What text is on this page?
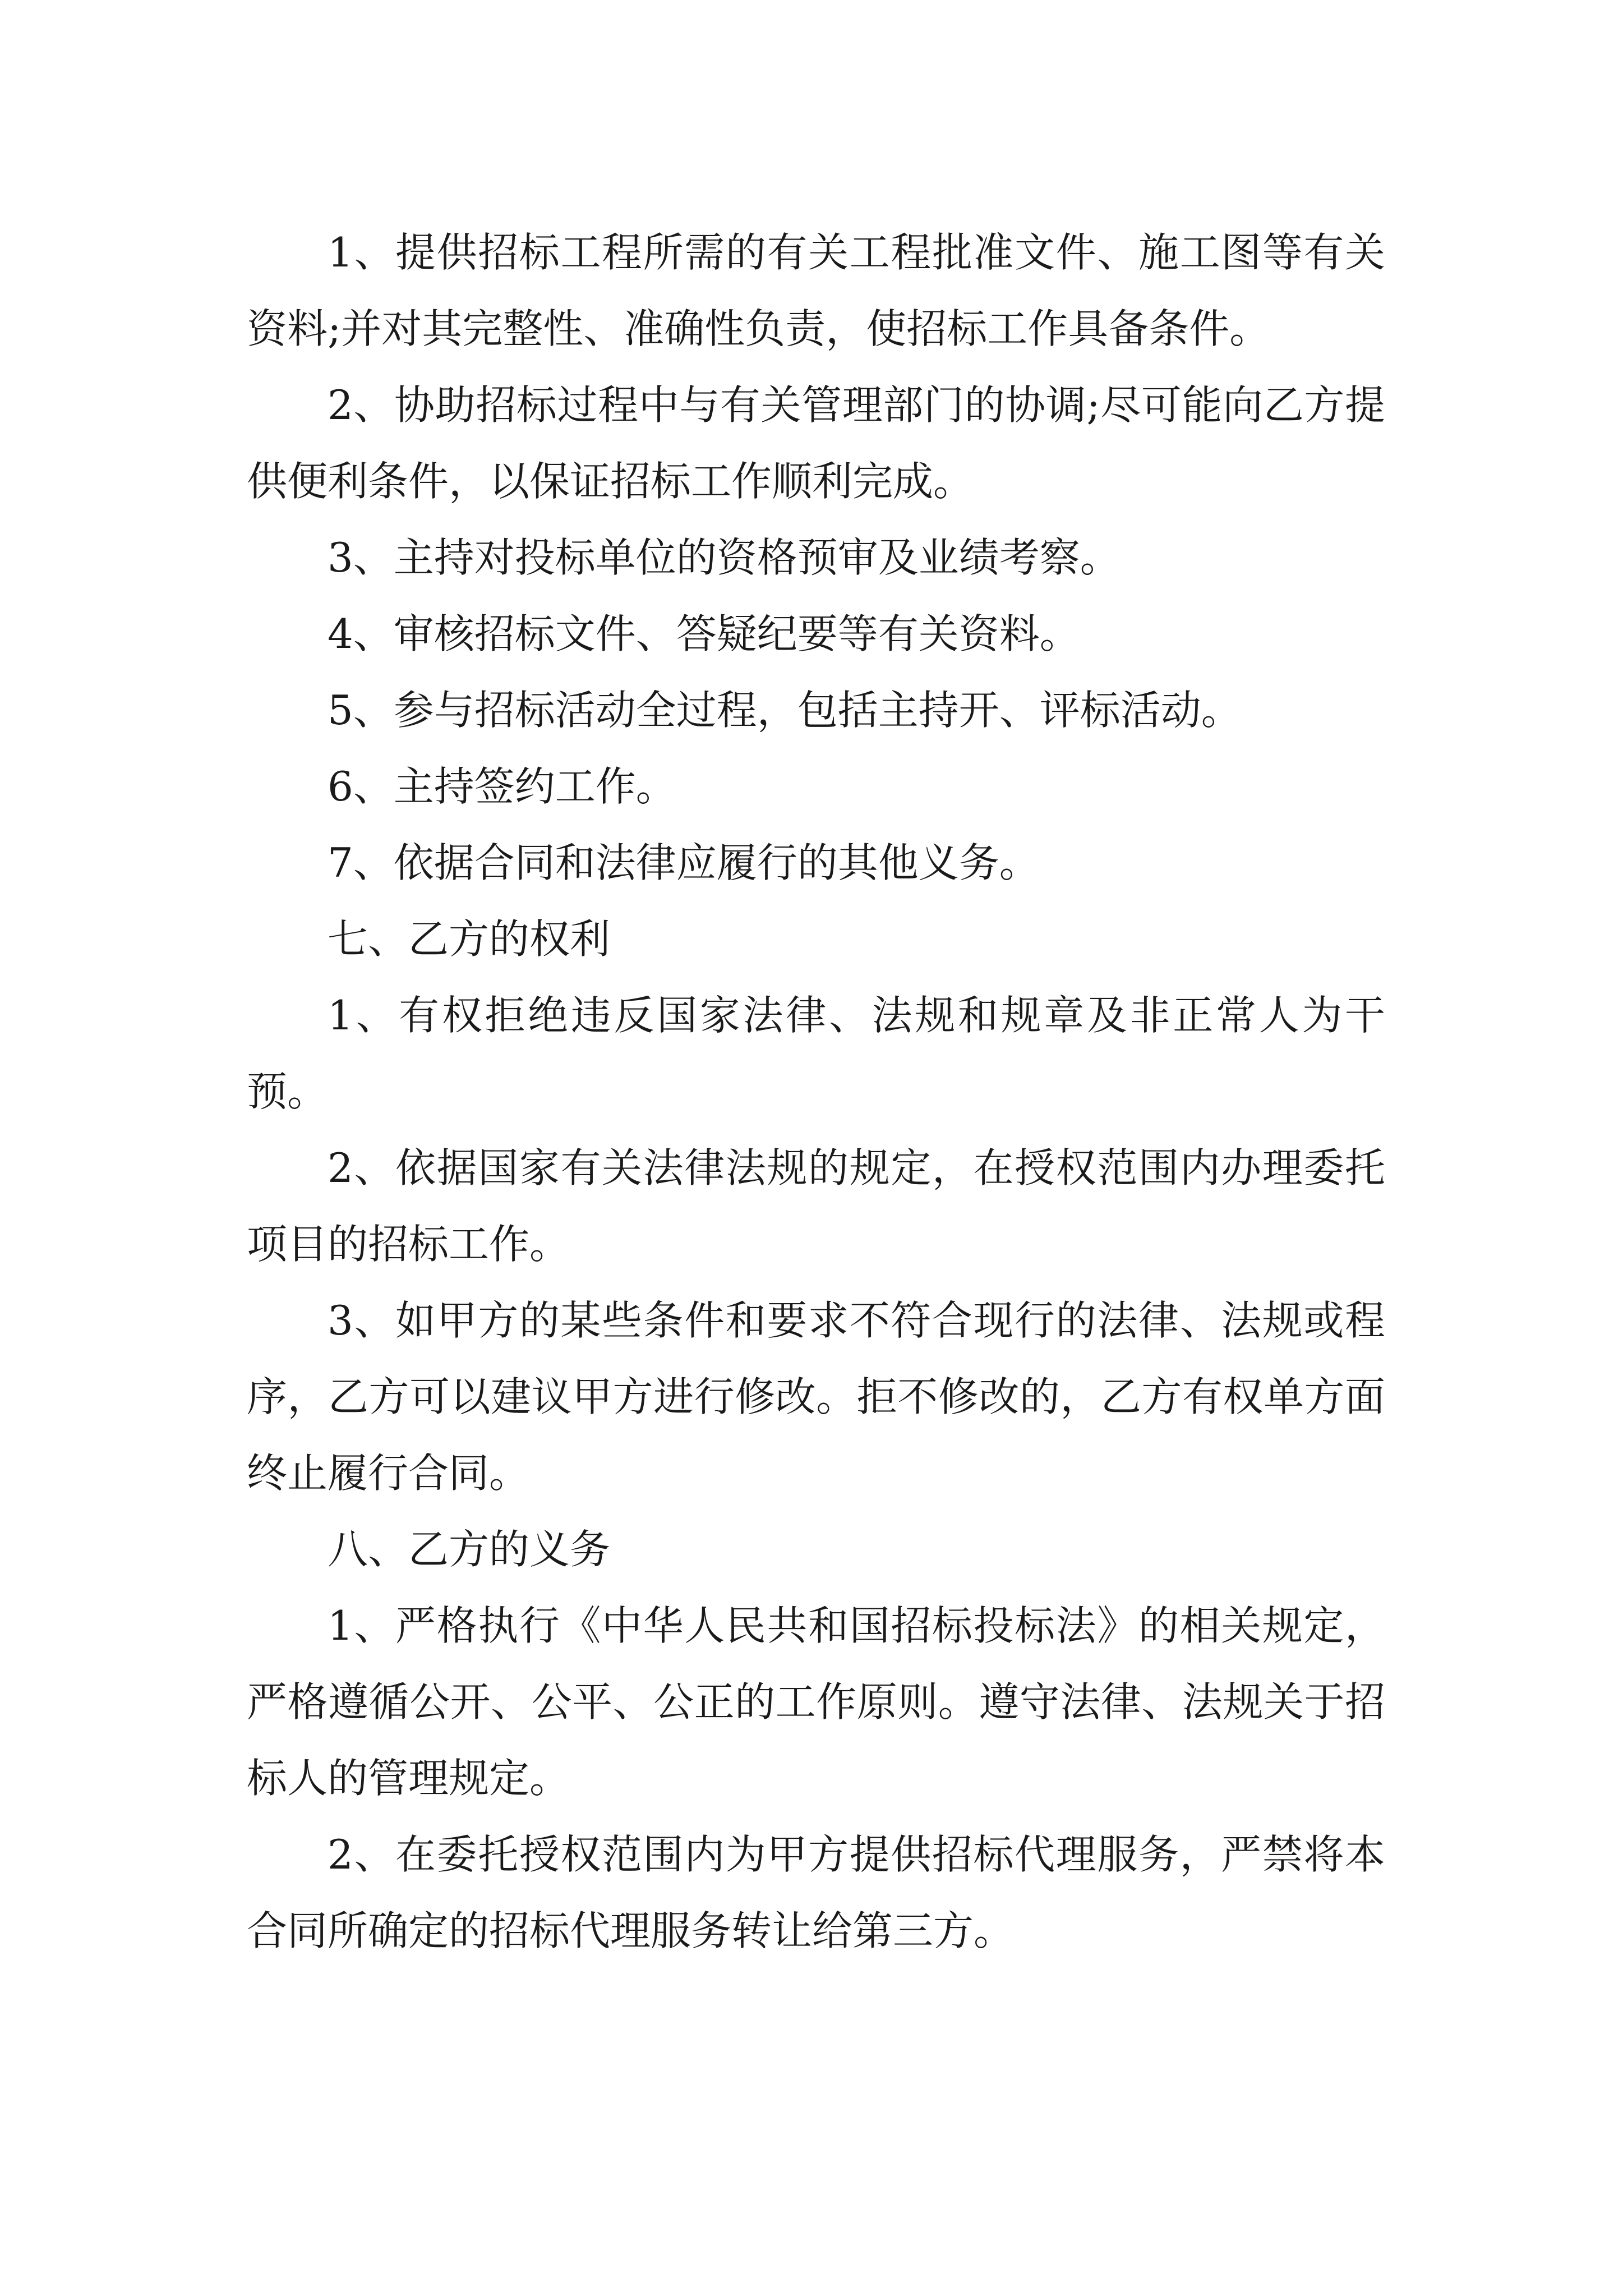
1、提供招标工程所需的有关工程批准文件、施工图等有关资料;并对其完整性、准确性负责，使招标工作具备条件。

2、协助招标过程中与有关管理部门的协调;尽可能向乙方提供便利条件，以保证招标工作顺利完成。

3、主持对投标单位的资格预审及业绩考察。

4、审核招标文件、答疑纪要等有关资料。

5、参与招标活动全过程，包括主持开、评标活动。

6、主持签约工作。

7、依据合同和法律应履行的其他义务。

七、乙方的权利

1、有权拒绝违反国家法律、法规和规章及非正常人为干预。

2、依据国家有关法律法规的规定，在授权范围内办理委托项目的招标工作。

3、如甲方的某些条件和要求不符合现行的法律、法规或程序，乙方可以建议甲方进行修改。拒不修改的，乙方有权单方面终止履行合同。

八、乙方的义务

1、严格执行《中华人民共和国招标投标法》的相关规定，严格遵循公开、公平、公正的工作原则。遵守法律、法规关于招标人的管理规定。

2、在委托授权范围内为甲方提供招标代理服务，严禁将本合同所确定的招标代理服务转让给第三方。
